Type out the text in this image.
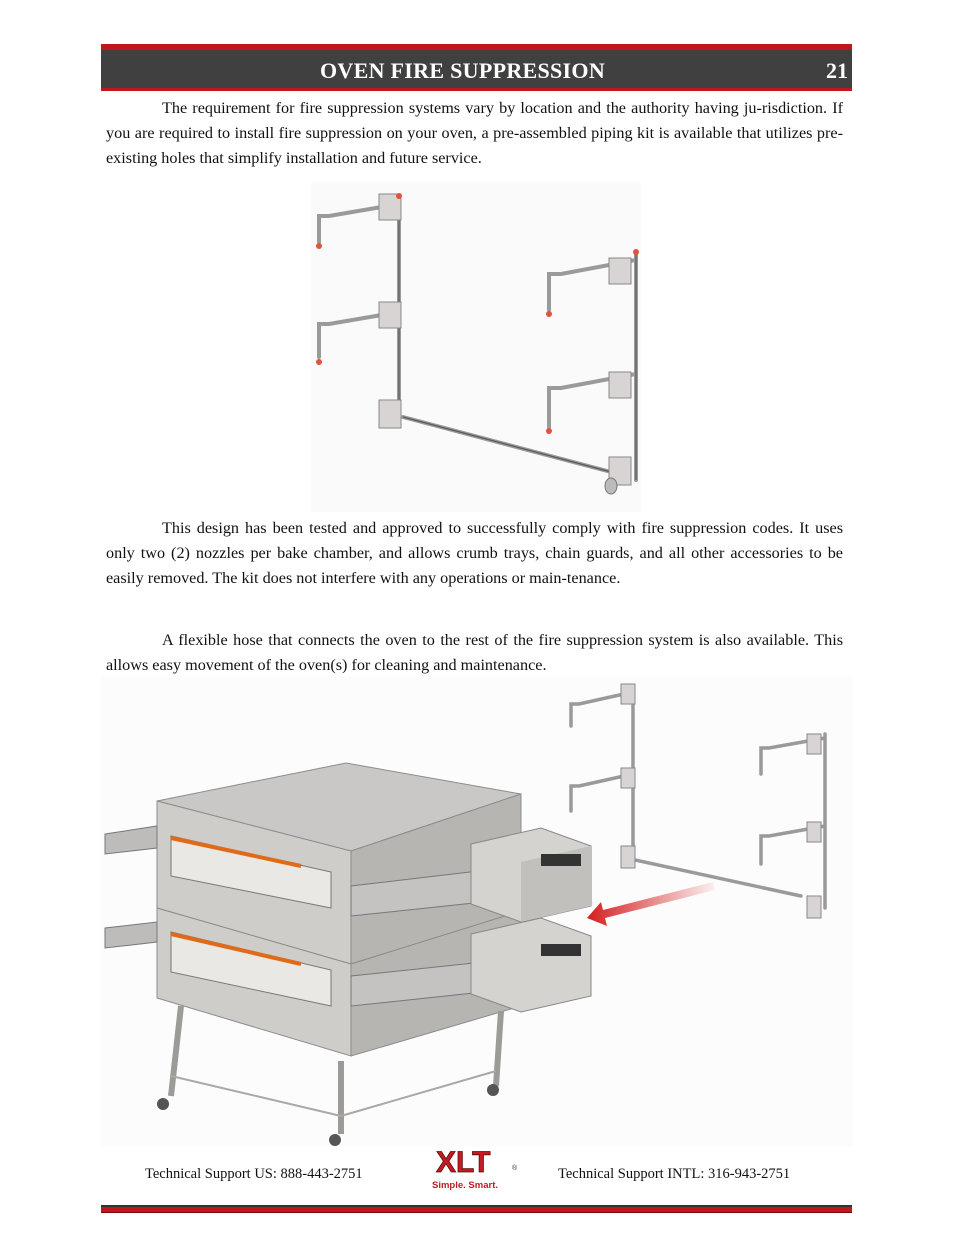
OVEN FIRE SUPPRESSION	21

The requirement for fire suppression systems vary by location and the authority having ju-risdiction. If you are required to install fire suppression on your oven, a pre-assembled piping kit is available that utilizes pre-existing holes that simplify installation and future service.

This design has been tested and approved to successfully comply with fire suppression codes. It uses only two (2) nozzles per bake chamber, and allows crumb trays, chain guards, and all other accessories to be easily removed. The kit does not interfere with any operations or main-tenance.

A flexible hose that connects the oven to the rest of the fire suppression system is also available. This allows easy movement of the oven(s) for cleaning and maintenance.

Technical Support US: 888-443-2751 XLT	®
Simple. Smart.
Technical Support INTL: 316-943-2751
